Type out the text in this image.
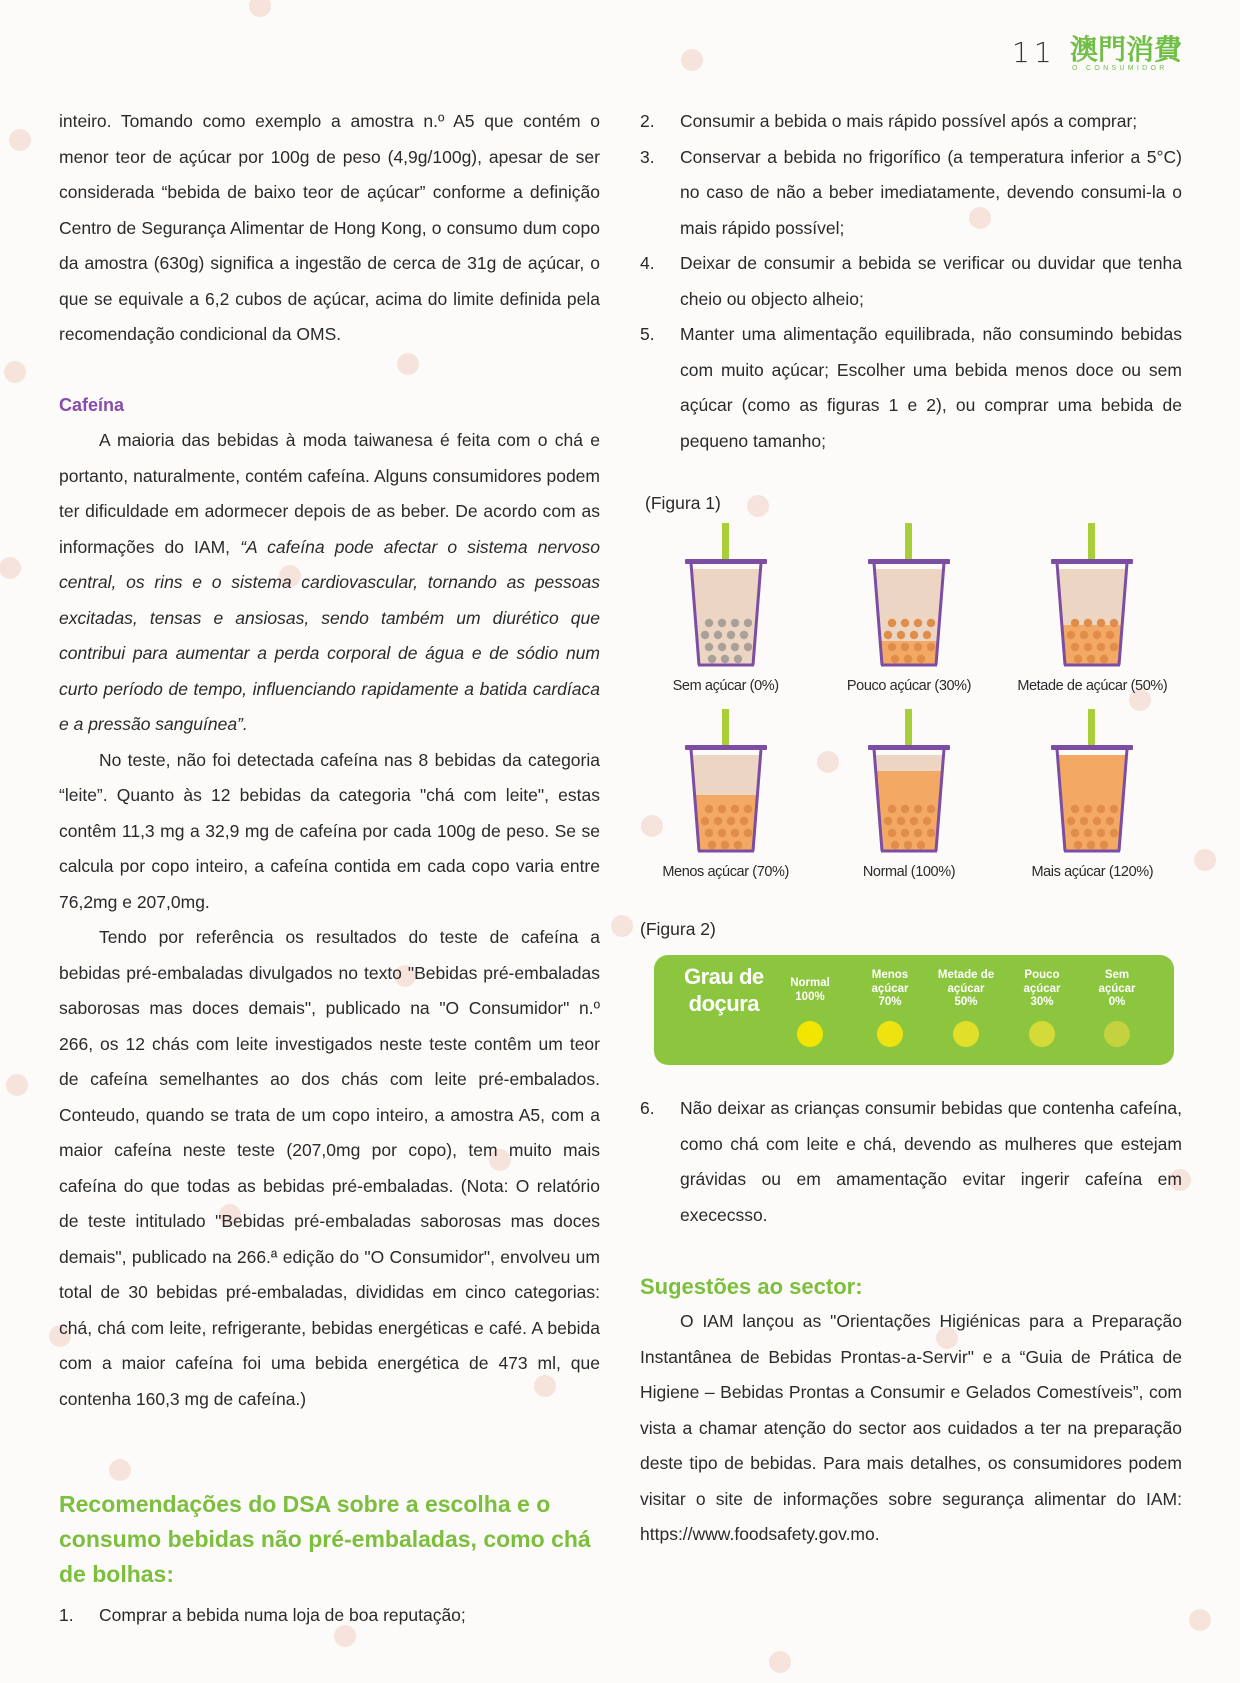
11 澳門消費
O CONSUMIDOR

inteiro. Tomando como exemplo a amostra n.º A5 que contém o menor teor de açúcar por 100g de peso (4,9g/100g), apesar de ser considerada “bebida de baixo teor de açúcar” conforme a definição Centro de Segurança Alimentar de Hong Kong, o consumo dum copo da amostra (630g) significa a ingestão de cerca de 31g de açúcar, o que se equivale a 6,2 cubos de açúcar, acima do limite definida pela recomendação condicional da OMS.

Cafeína

A maioria das bebidas à moda taiwanesa é feita com o chá e portanto, naturalmente, contém cafeína. Alguns consumidores podem ter dificuldade em adormecer depois de as beber. De acordo com as informações do IAM, “A cafeína pode afectar o sistema nervoso central, os rins e o sistema cardiovascular, tornando as pessoas excitadas, tensas e ansiosas, sendo também um diurético que contribui para aumentar a perda corporal de água e de sódio num curto período de tempo, influenciando rapidamente a batida cardíaca e a pressão sanguínea”.

No teste, não foi detectada cafeína nas 8 bebidas da categoria “leite”. Quanto às 12 bebidas da categoria "chá com leite", estas contêm 11,3 mg a 32,9 mg de cafeína por cada 100g de peso. Se se calcula por copo inteiro, a cafeína contida em cada copo varia entre 76,2mg e 207,0mg.

Tendo por referência os resultados do teste de cafeína a bebidas pré-embaladas divulgados no texto "Bebidas pré-embaladas saborosas mas doces demais", publicado na "O Consumidor" n.º 266, os 12 chás com leite investigados neste teste contêm um teor de cafeína semelhantes ao dos chás com leite pré-embalados. Conteudo, quando se trata de um copo inteiro, a amostra A5, com a maior cafeína neste teste (207,0mg por copo), tem muito mais cafeína do que todas as bebidas pré-embaladas. (Nota: O relatório de teste intitulado "Bebidas pré-embaladas saborosas mas doces demais", publicado na 266.ª edição do "O Consumidor", envolveu um total de 30 bebidas pré-embaladas, divididas em cinco categorias: chá, chá com leite, refrigerante, bebidas energéticas e café. A bebida com a maior cafeína foi uma bebida energética de 473 ml, que contenha 160,3 mg de cafeína.)

Recomendações do DSA sobre a escolha e o consumo bebidas não pré-embaladas, como chá de bolhas:
1.	Comprar a bebida numa loja de boa reputação;
2.	Consumir a bebida o mais rápido possível após a comprar;
3.	Conservar a bebida no frigorífico (a temperatura inferior a 5°C) no caso de não a beber imediatamente, devendo consumi-la o mais rápido possível;
4.	Deixar de consumir a bebida se verificar ou duvidar que tenha cheio ou objecto alheio;
5.	Manter uma alimentação equilibrada, não consumindo bebidas com muito açúcar; Escolher uma bebida menos doce ou sem açúcar (como as figuras 1 e 2), ou comprar uma bebida de pequeno tamanho;
(Figura 1)
Sem açúcar (0%)	Pouco açúcar (30%)	Metade de açúcar (50%)
Menos açúcar (70%)	Normal (100%)	Mais açúcar (120%)
(Figura 2)
Grau de
doçura
Normal
100%
Menos
açúcar
70%
Metade de
açúcar
50%
Pouco
açúcar
30%
Sem
açúcar
0%
6.	Não deixar as crianças consumir bebidas que contenha cafeína, como chá com leite e chá, devendo as mulheres que estejam grávidas ou em amamentação evitar ingerir cafeína em exececsso.
Sugestões ao sector:

O IAM lançou as "Orientações Higiénicas para a Preparação Instantânea de Bebidas Prontas-a-Servir" e a “Guia de Prática de Higiene – Bebidas Prontas a Consumir e Gelados Comestíveis”, com vista a chamar atenção do sector aos cuidados a ter na preparação deste tipo de bebidas. Para mais detalhes, os consumidores podem visitar o site de informações sobre segurança alimentar do IAM: https://www.foodsafety.gov.mo.
